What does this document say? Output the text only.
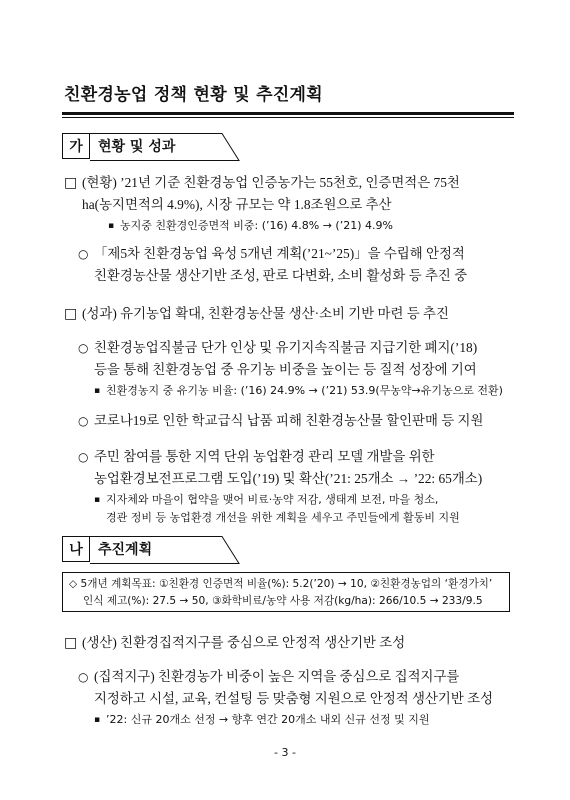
친환경농업 정책 현황 및 추진계획
가	현황 및 성과
□ (현황) ’21년 기준 친환경농업 인증농가는 55천호, 인증면적은 75천
ha(농지면적의 4.9%), 시장 규모는 약 1.8조원으로 추산
▪ 농지중 친환경인증면적 비중: (’16) 4.8% → (’21) 4.9%
○ 「제5차 친환경농업 육성 5개년 계획(’21~’25)」을 수립해 안정적
친환경농산물 생산기반 조성, 판로 다변화, 소비 활성화 등 추진 중
□ (성과) 유기농업 확대, 친환경농산물 생산·소비 기반 마련 등 추진
○ 친환경농업직불금 단가 인상 및 유기지속직불금 지급기한 폐지(’18)
등을 통해 친환경농업 중 유기농 비중을 높이는 등 질적 성장에 기여
▪ 친환경농지 중 유기농 비율: (’16) 24.9% → (’21) 53.9(무농약→유기농으로 전환)
○ 코로나19로 인한 학교급식 납품 피해 친환경농산물 할인판매 등 지원
○ 주민 참여를 통한 지역 단위 농업환경 관리 모델 개발을 위한
농업환경보전프로그램 도입(’19) 및 확산(’21: 25개소 → ’22: 65개소)
▪ 지자체와 마을이 협약을 맺어 비료·농약 저감, 생태계 보전, 마을 청소,
경관 정비 등 농업환경 개선을 위한 계획을 세우고 주민들에게 활동비 지원
나	추진계획
◇ 5개년 계획목표: ①친환경 인증면적 비율(%): 5.2(’20) → 10, ②친환경농업의 ‘환경가치’
인식 제고(%): 27.5 → 50, ③화학비료/농약 사용 저감(kg/ha): 266/10.5 → 233/9.5
□ (생산) 친환경집적지구를 중심으로 안정적 생산기반 조성
○ (집적지구) 친환경농가 비중이 높은 지역을 중심으로 집적지구를
지정하고 시설, 교육, 컨설팅 등 맞춤형 지원으로 안정적 생산기반 조성
▪ ’22: 신규 20개소 선정 → 향후 연간 20개소 내외 신규 선정 및 지원
- 3 -
